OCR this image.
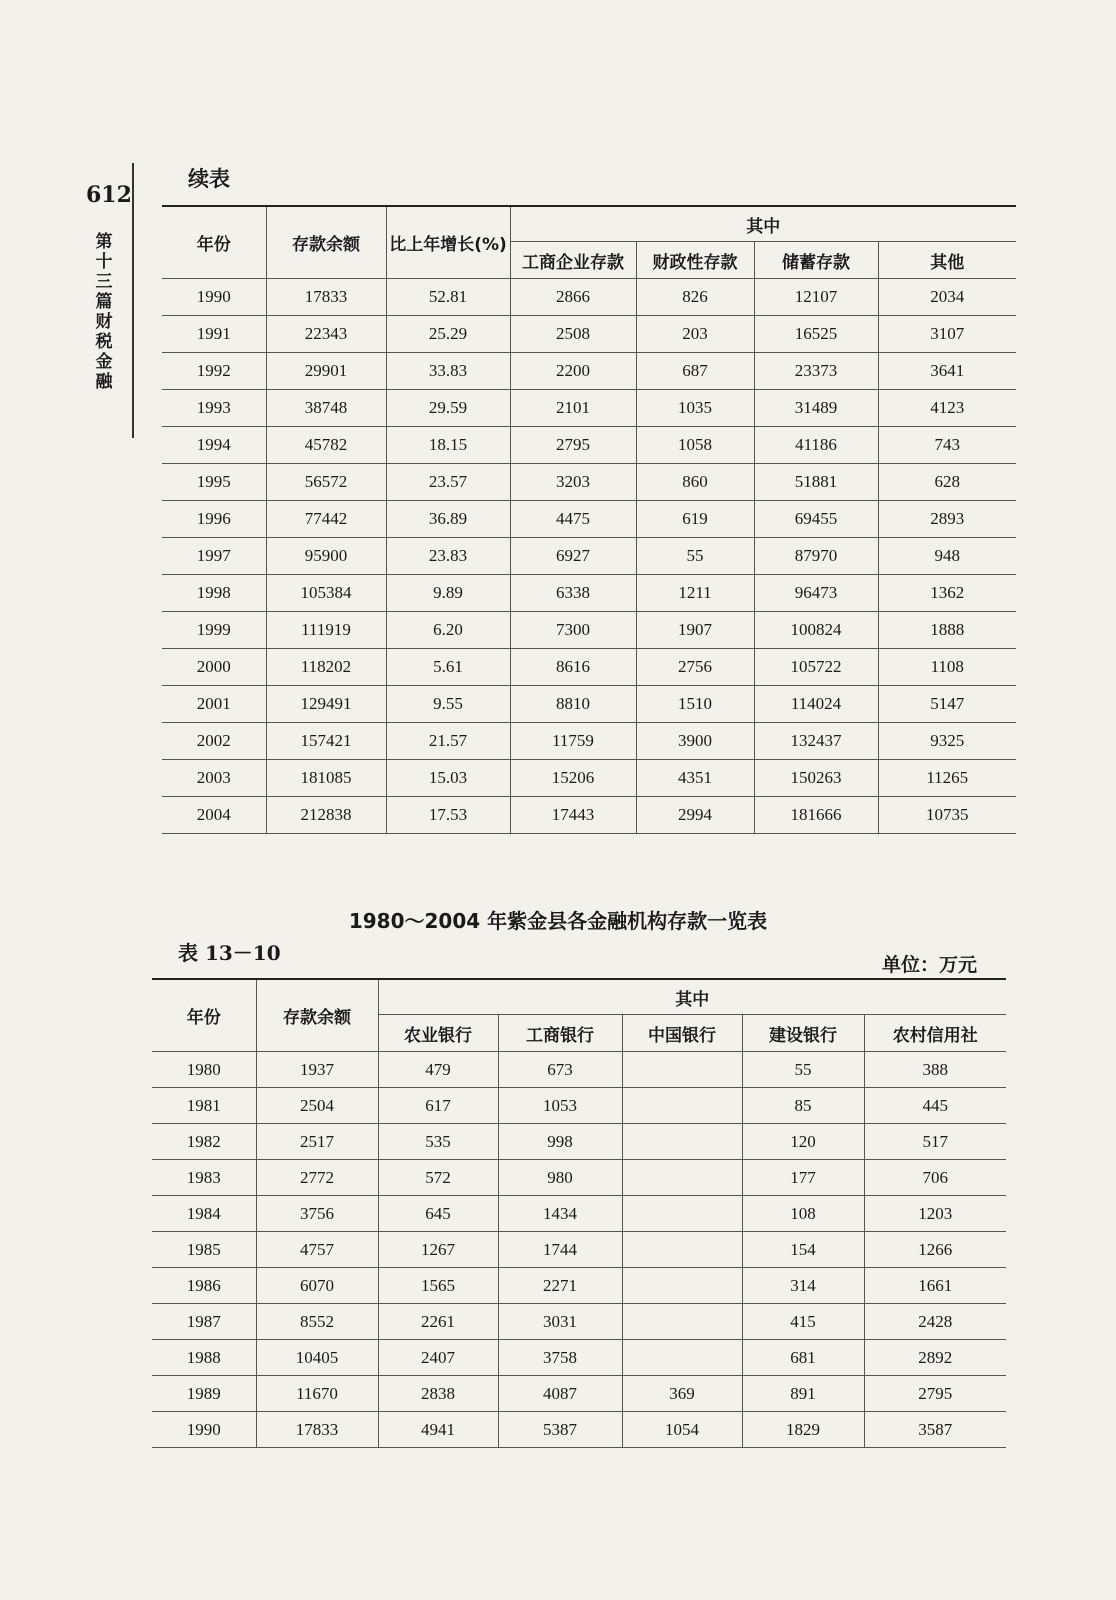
612
第十三篇 财税 金融
续表
年份	存款余额	比上年增长(%)	其中			
			工商企业存款	财政性存款	储蓄存款	其他
1990	17833	52.81	2866	826	12107	2034
1991	22343	25.29	2508	203	16525	3107
1992	29901	33.83	2200	687	23373	3641
1993	38748	29.59	2101	1035	31489	4123
1994	45782	18.15	2795	1058	41186	743
1995	56572	23.57	3203	860	51881	628
1996	77442	36.89	4475	619	69455	2893
1997	95900	23.83	6927	55	87970	948
1998	105384	9.89	6338	1211	96473	1362
1999	111919	6.20	7300	1907	100824	1888
2000	118202	5.61	8616	2756	105722	1108
2001	129491	9.55	8810	1510	114024	5147
2002	157421	21.57	11759	3900	132437	9325
2003	181085	15.03	15206	4351	150263	11265
2004	212838	17.53	17443	2994	181666	10735
1980～2004 年紫金县各金融机构存款一览表
表 13－10	单位：万元
年份	存款余额	其中				
		农业银行	工商银行	中国银行	建设银行	农村信用社
1980	1937	479	673		55	388
1981	2504	617	1053		85	445
1982	2517	535	998		120	517
1983	2772	572	980		177	706
1984	3756	645	1434		108	1203
1985	4757	1267	1744		154	1266
1986	6070	1565	2271		314	1661
1987	8552	2261	3031		415	2428
1988	10405	2407	3758		681	2892
1989	11670	2838	4087	369	891	2795
1990	17833	4941	5387	1054	1829	3587
